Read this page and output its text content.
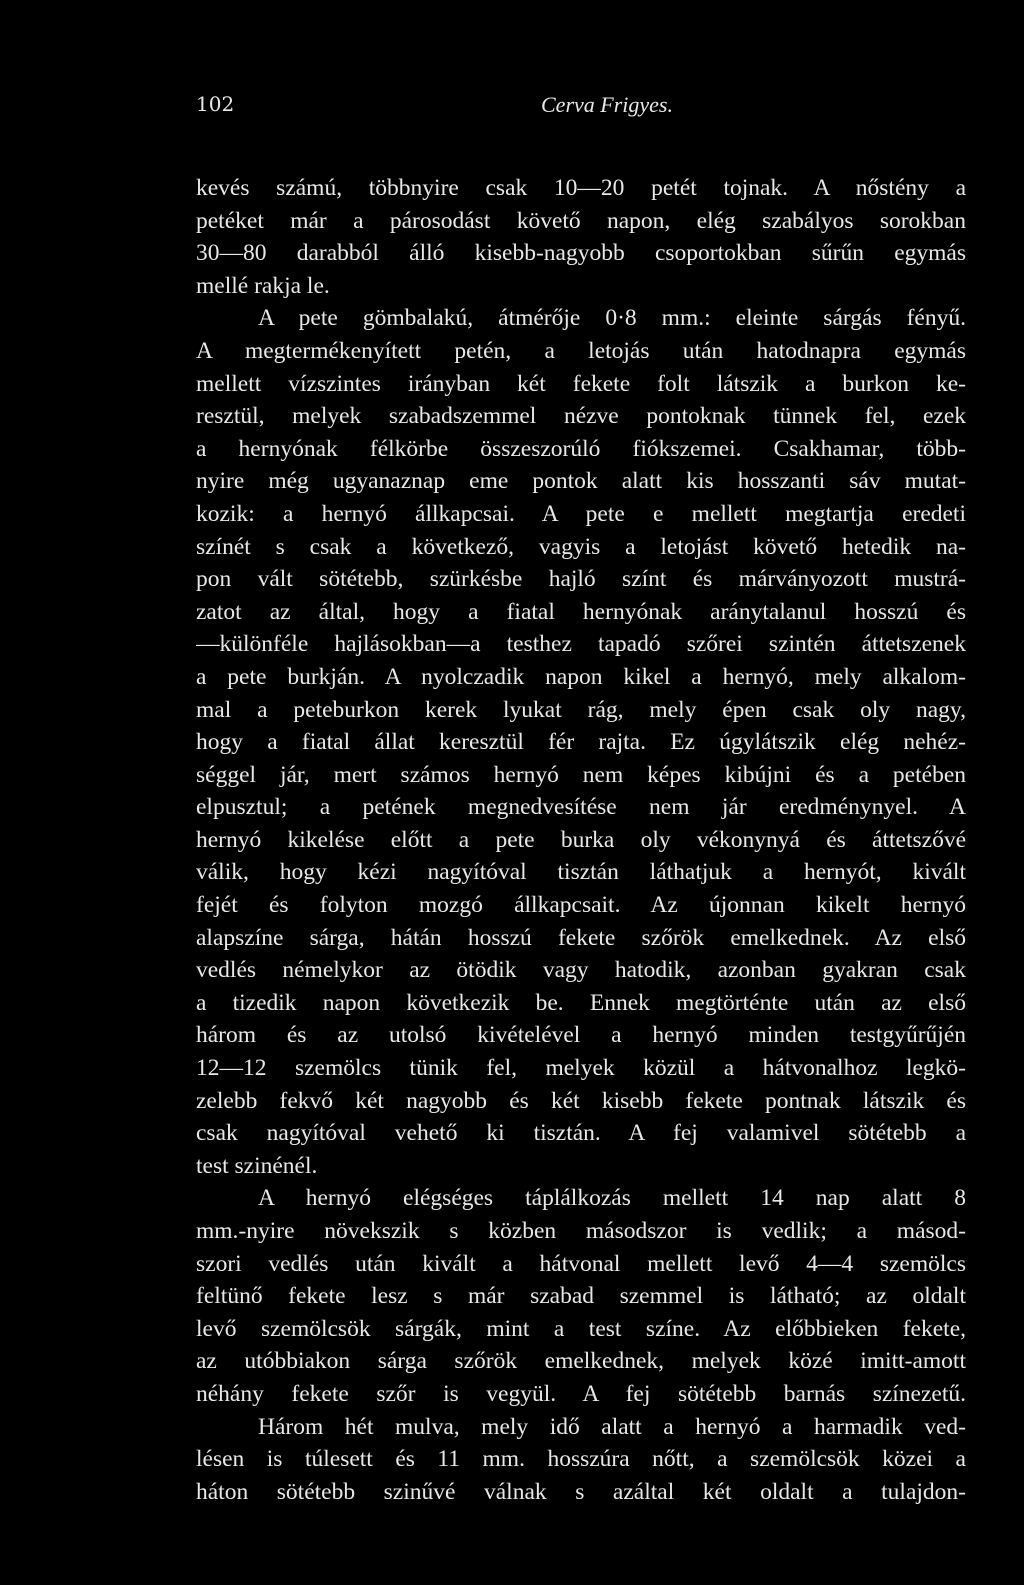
102	Cerva Frigyes.
kevés számú, többnyire csak 10—20 petét tojnak. A nőstény a
petéket már a párosodást követő napon, elég szabályos sorokban
30—80 darabból álló kisebb-nagyobb csoportokban sűrűn egymás
mellé rakja le.
A pete gömbalakú, átmérője 0·8 mm.: eleinte sárgás fényű.
A megtermékenyített petén, a letojás után hatodnapra egymás
mellett vízszintes irányban két fekete folt látszik a burkon ke-
resztül, melyek szabadszemmel nézve pontoknak tünnek fel, ezek
a hernyónak félkörbe összeszorúló fiókszemei. Csakhamar, több-
nyire még ugyanaznap eme pontok alatt kis hosszanti sáv mutat-
kozik: a hernyó állkapcsai. A pete e mellett megtartja eredeti
színét s csak a következő, vagyis a letojást követő hetedik na-
pon vált sötétebb, szürkésbe hajló színt és márványozott mustrá-
zatot az által, hogy a fiatal hernyónak aránytalanul hosszú és
—különféle hajlásokban—a testhez tapadó szőrei szintén áttetszenek
a pete burkján. A nyolczadik napon kikel a hernyó, mely alkalom-
mal a peteburkon kerek lyukat rág, mely épen csak oly nagy,
hogy a fiatal állat keresztül fér rajta. Ez úgylátszik elég nehéz-
séggel jár, mert számos hernyó nem képes kibújni és a petében
elpusztul; a petének megnedvesítése nem jár eredménynyel. A
hernyó kikelése előtt a pete burka oly vékonynyá és áttetszővé
válik, hogy kézi nagyítóval tisztán láthatjuk a hernyót, kivált
fejét és folyton mozgó állkapcsait. Az újonnan kikelt hernyó
alapszíne sárga, hátán hosszú fekete szőrök emelkednek. Az első
vedlés némelykor az ötödik vagy hatodik, azonban gyakran csak
a tizedik napon következik be. Ennek megtörténte után az első
három és az utolsó kivételével a hernyó minden testgyűrűjén
12—12 szemölcs tünik fel, melyek közül a hátvonalhoz legkö-
zelebb fekvő két nagyobb és két kisebb fekete pontnak látszik és
csak nagyítóval vehető ki tisztán. A fej valamivel sötétebb a
test szinénél.
A hernyó elégséges táplálkozás mellett 14 nap alatt 8
mm.-nyire növekszik s közben másodszor is vedlik; a másod-
szori vedlés után kivált a hátvonal mellett levő 4—4 szemölcs
feltünő fekete lesz s már szabad szemmel is látható; az oldalt
levő szemölcsök sárgák, mint a test színe. Az előbbieken fekete,
az utóbbiakon sárga szőrök emelkednek, melyek közé imitt-amott
néhány fekete szőr is vegyül. A fej sötétebb barnás színezetű.
Három hét mulva, mely idő alatt a hernyó a harmadik ved-
lésen is túlesett és 11 mm. hosszúra nőtt, a szemölcsök közei a
háton sötétebb szinűvé válnak s azáltal két oldalt a tulajdon-
